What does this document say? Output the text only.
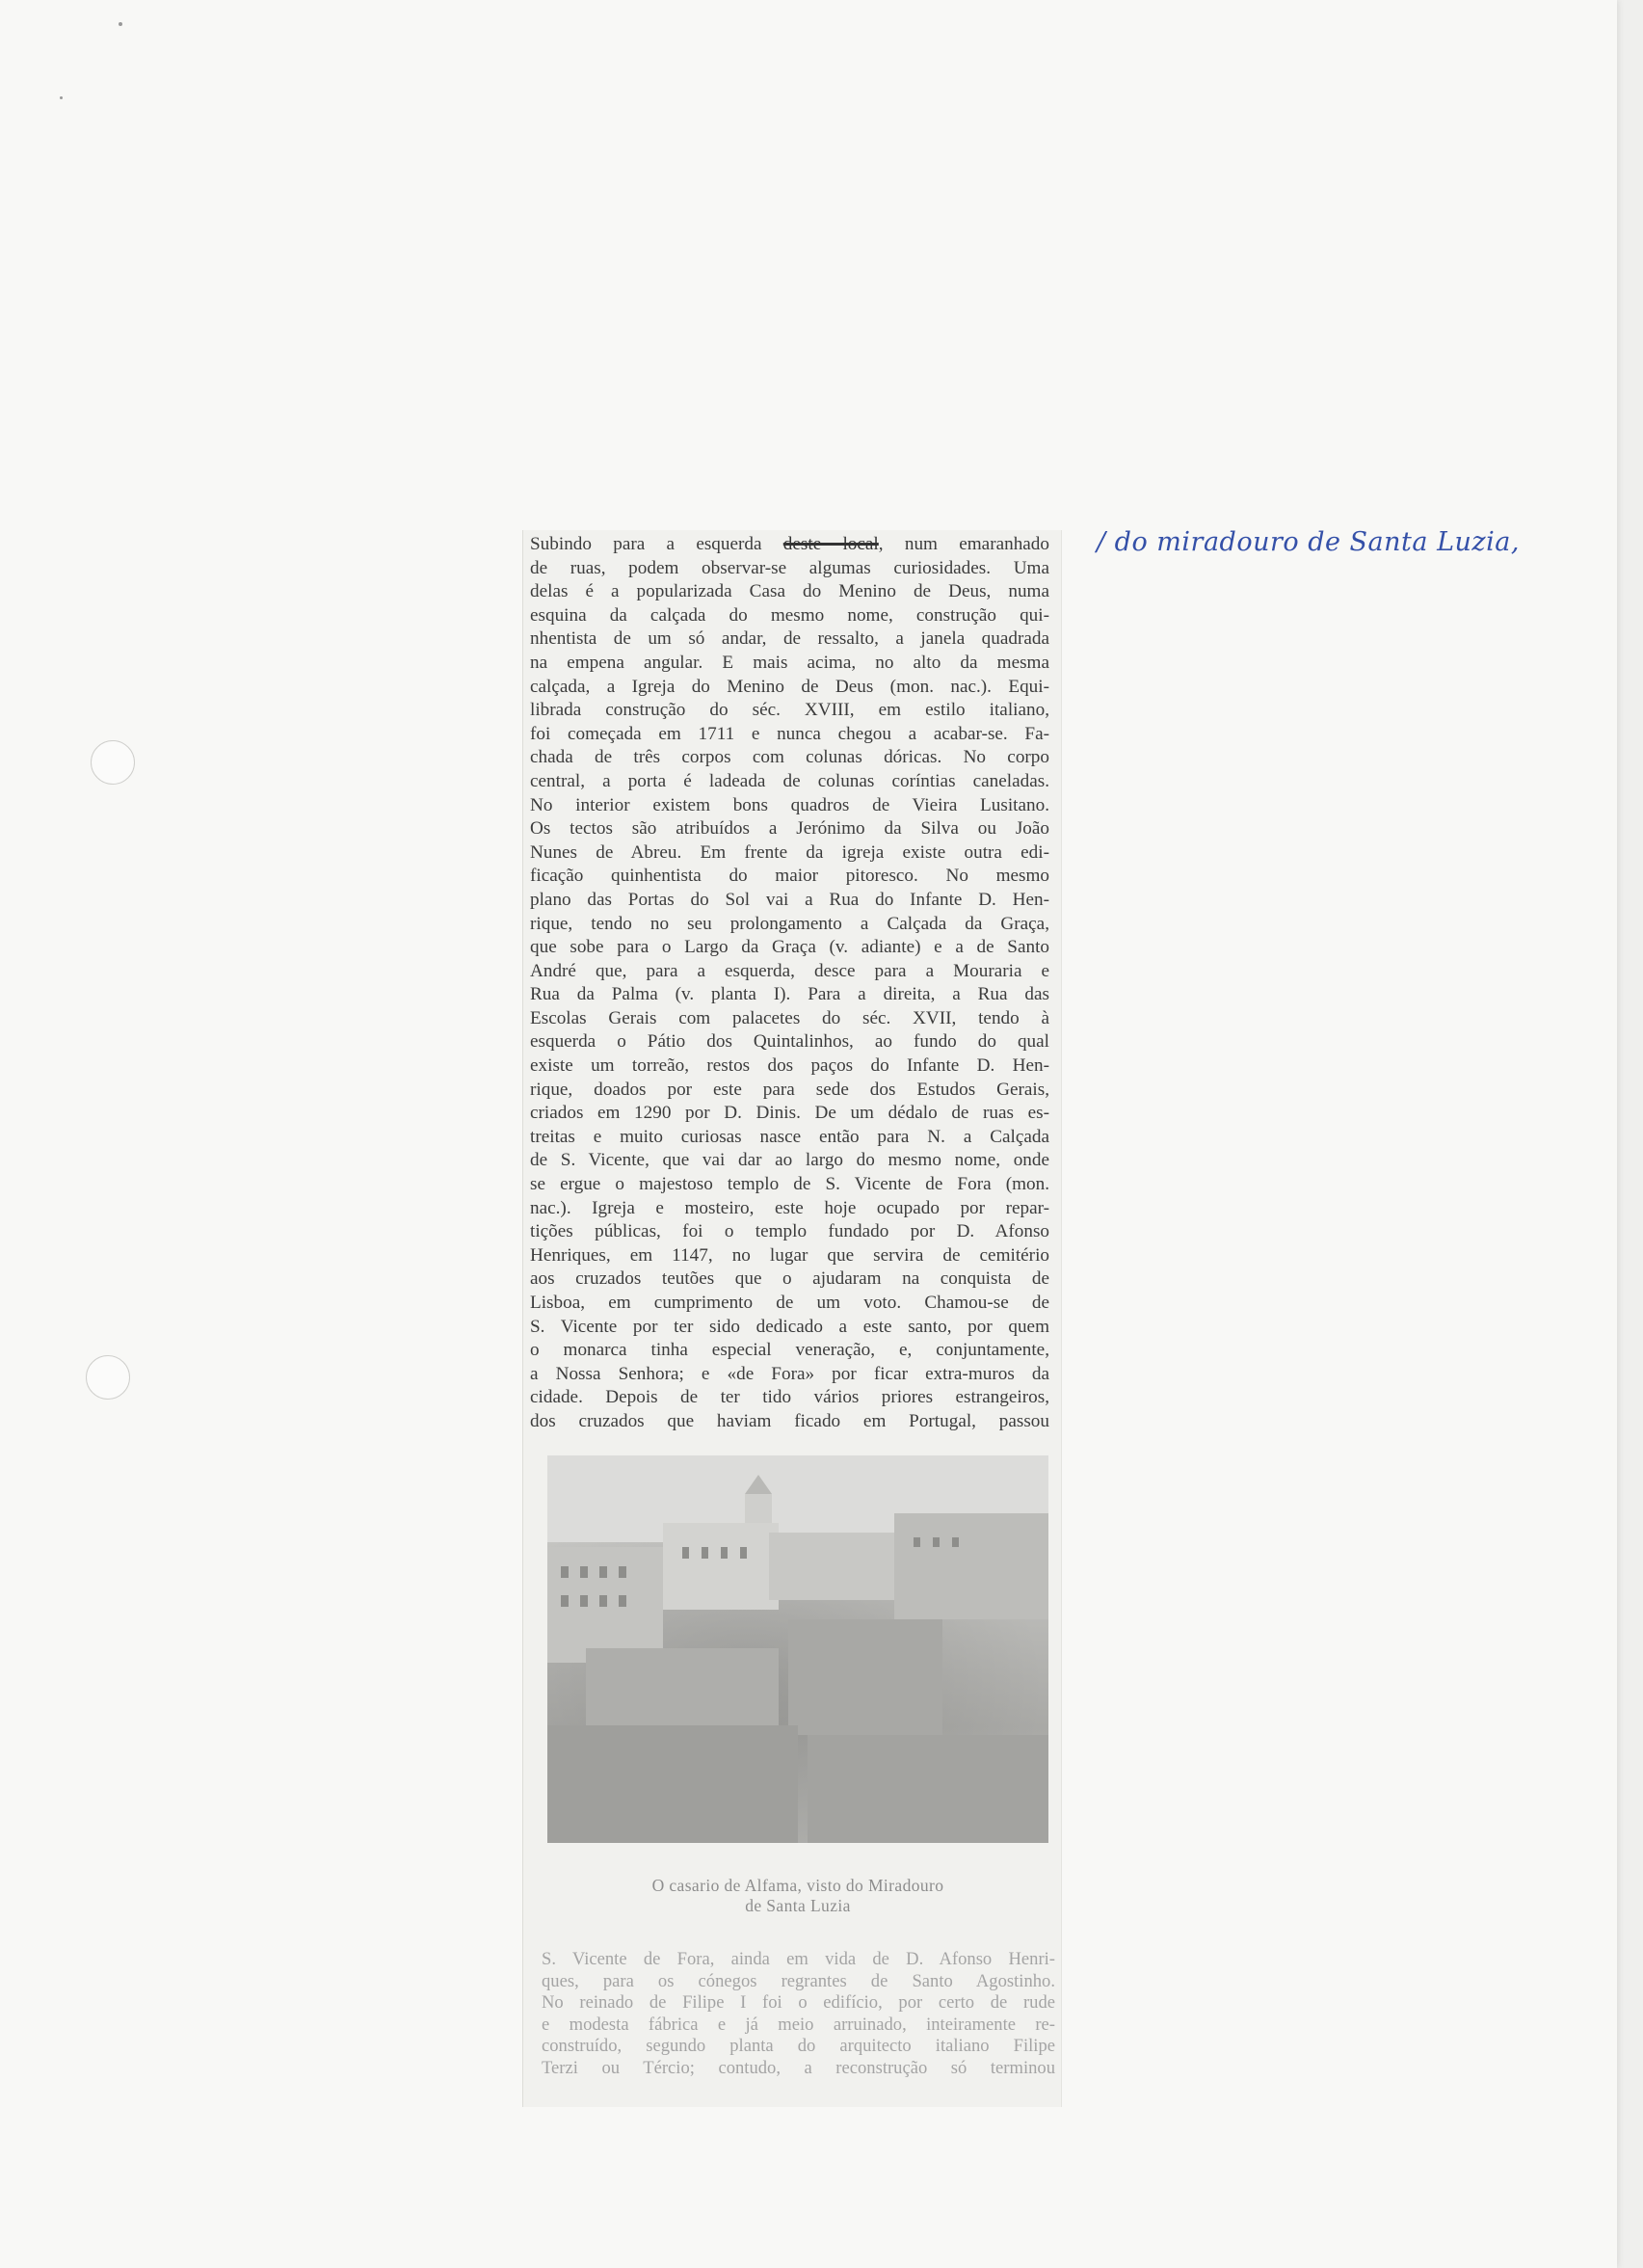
Subindo para a esquerda deste local, num emaranhado
de ruas, podem observar-se algumas curiosidades. Uma
delas é a popularizada Casa do Menino de Deus, numa
esquina da calçada do mesmo nome, construção qui-
nhentista de um só andar, de ressalto, a janela quadrada
na empena angular. E mais acima, no alto da mesma
calçada, a Igreja do Menino de Deus (mon. nac.). Equi-
librada construção do séc. XVIII, em estilo italiano,
foi começada em 1711 e nunca chegou a acabar-se. Fa-
chada de três corpos com colunas dóricas. No corpo
central, a porta é ladeada de colunas coríntias caneladas.
No interior existem bons quadros de Vieira Lusitano.
Os tectos são atribuídos a Jerónimo da Silva ou João
Nunes de Abreu. Em frente da igreja existe outra edi-
ficação quinhentista do maior pitoresco. No mesmo
plano das Portas do Sol vai a Rua do Infante D. Hen-
rique, tendo no seu prolongamento a Calçada da Graça,
que sobe para o Largo da Graça (v. adiante) e a de Santo
André que, para a esquerda, desce para a Mouraria e
Rua da Palma (v. planta I). Para a direita, a Rua das
Escolas Gerais com palacetes do séc. XVII, tendo à
esquerda o Pátio dos Quintalinhos, ao fundo do qual
existe um torreão, restos dos paços do Infante D. Hen-
rique, doados por este para sede dos Estudos Gerais,
criados em 1290 por D. Dinis. De um dédalo de ruas es-
treitas e muito curiosas nasce então para N. a Calçada
de S. Vicente, que vai dar ao largo do mesmo nome, onde
se ergue o majestoso templo de S. Vicente de Fora (mon.
nac.). Igreja e mosteiro, este hoje ocupado por repar-
tições públicas, foi o templo fundado por D. Afonso
Henriques, em 1147, no lugar que servira de cemitério
aos cruzados teutões que o ajudaram na conquista de
Lisboa, em cumprimento de um voto. Chamou-se de
S. Vicente por ter sido dedicado a este santo, por quem
o monarca tinha especial veneração, e, conjuntamente,
a Nossa Senhora; e «de Fora» por ficar extra-muros da
cidade. Depois de ter tido vários priores estrangeiros,
dos cruzados que haviam ficado em Portugal, passou
O casario de Alfama, visto do Miradouro
de Santa Luzia
S. Vicente de Fora, ainda em vida de D. Afonso Henri-
ques, para os cónegos regrantes de Santo Agostinho.
No reinado de Filipe I foi o edifício, por certo de rude
e modesta fábrica e já meio arruinado, inteiramente re-
construído, segundo planta do arquitecto italiano Filipe
Terzi ou Tércio; contudo, a reconstrução só terminou
/ do miradouro de Santa Luzia,
